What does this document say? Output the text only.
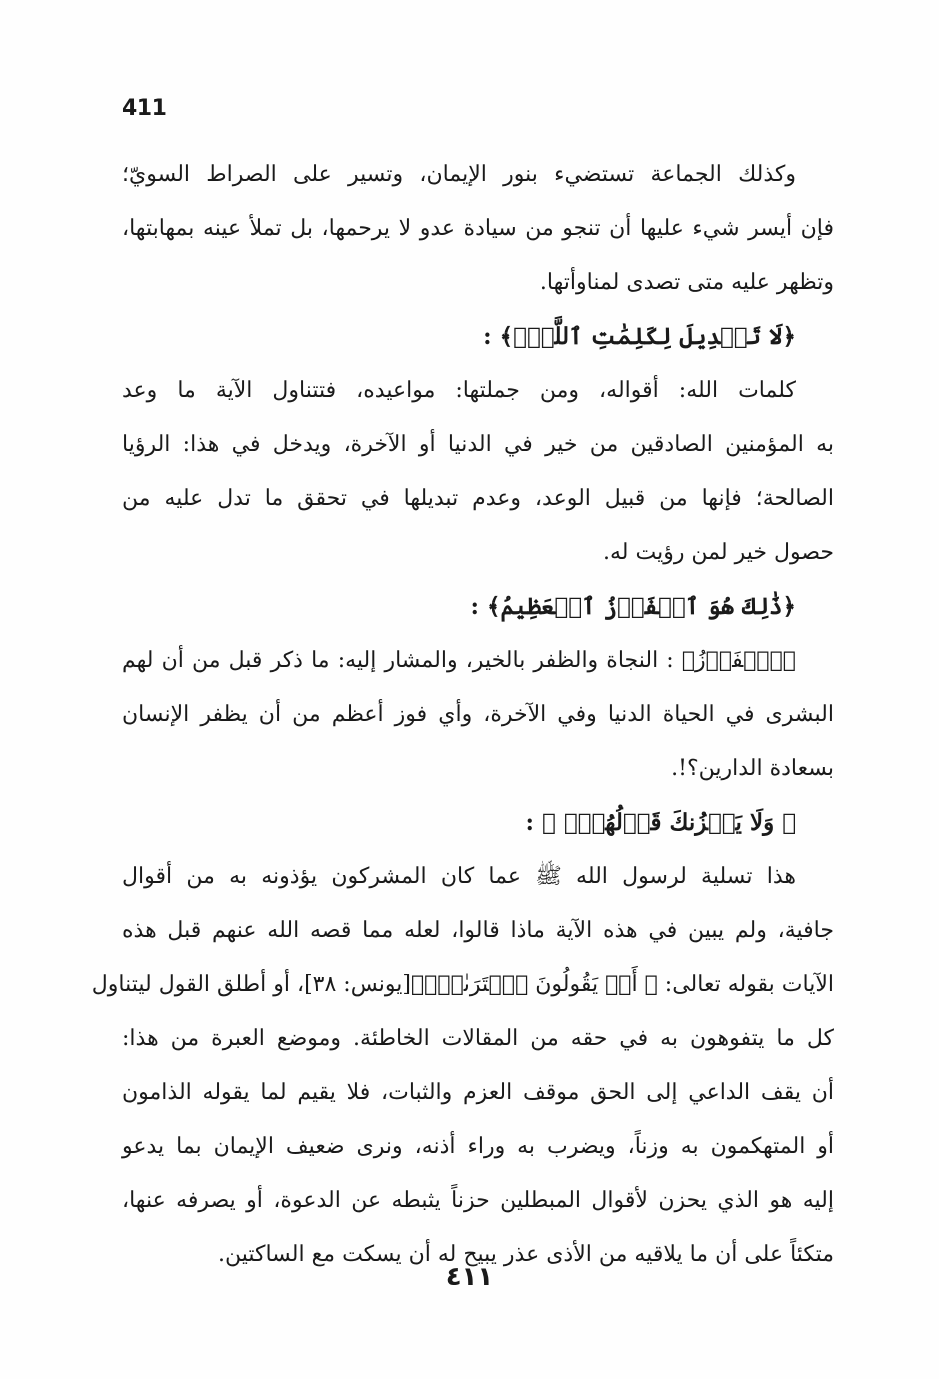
411
وكذلك الجماعة تستضيء بنور الإيمان، وتسير على الصراط السويّ؛
فإن أيسر شيء عليها أن تنجو من سيادة عدو لا يرحمها، بل تملأ عينه بمهابتها،
وتظهر عليه متى تصدى لمناوأتها.
﴿لَا تَبۡدِيلَ لِكَلِمَٰتِ ٱللَّهِۚ﴾ :
كلمات الله: أقواله، ومن جملتها: مواعيده، فتتناول الآية ما وعد
به المؤمنين الصادقين من خير في الدنيا أو الآخرة، ويدخل في هذا: الرؤيا
الصالحة؛ فإنها من قبيل الوعد، وعدم تبديلها في تحقق ما تدل عليه من
حصول خير لمن رؤيت له.
﴿ذَٰلِكَ هُوَ ٱلۡفَوۡزُ ٱلۡعَظِيمُ﴾ :
﴿ٱلۡفَوۡزُ﴾ : النجاة والظفر بالخير، والمشار إليه: ما ذكر قبل من أن لهم
البشرى في الحياة الدنيا وفي الآخرة، وأي فوز أعظم من أن يظفر الإنسان
بسعادة الدارين؟!.
﴿ وَلَا يَحۡزُنكَ قَوۡلُهُمۡۘ ﴾ :
هذا تسلية لرسول الله ﷺ عما كان المشركون يؤذونه به من أقوال
جافية، ولم يبين في هذه الآية ماذا قالوا، لعله مما قصه الله عنهم قبل هذه
الآيات بقوله تعالى: ﴿ أَمۡ يَقُولُونَ ٱفۡتَرَىٰهُۖ﴾[يونس: ٣٨]، أو أطلق القول ليتناول
كل ما يتفوهون به في حقه من المقالات الخاطئة. وموضع العبرة من هذا:
أن يقف الداعي إلى الحق موقف العزم والثبات، فلا يقيم لما يقوله الذامون
أو المتهكمون به وزناً، ويضرب به وراء أذنه، ونرى ضعيف الإيمان بما يدعو
إليه هو الذي يحزن لأقوال المبطلين حزناً يثبطه عن الدعوة، أو يصرفه عنها،
متكئاً على أن ما يلاقيه من الأذى عذر يبيح له أن يسكت مع الساكتين.
٤١١
